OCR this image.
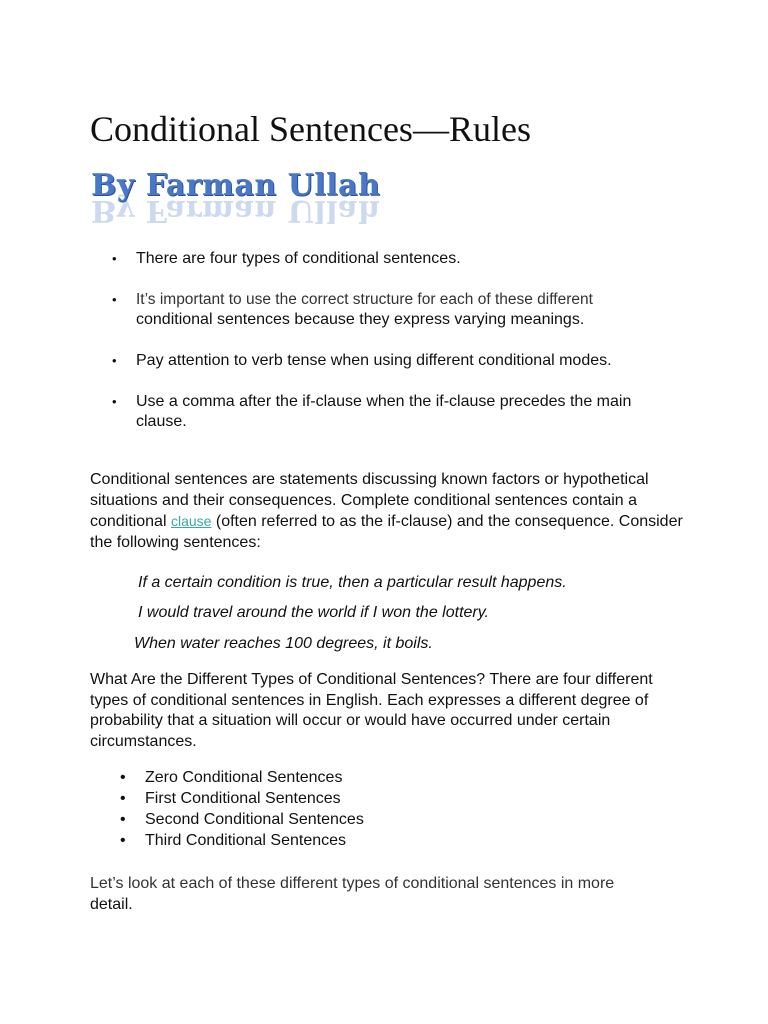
Conditional Sentences—Rules
By Farman Ullah
By Farman Ullah
• There are four types of conditional sentences.
• It’s important to use the correct structure for each of these different
conditional sentences because they express varying meanings.
• Pay attention to verb tense when using different conditional modes.
• Use a comma after the if-clause when the if-clause precedes the main
clause.

Conditional sentences are statements discussing known factors or hypothetical situations and their consequences. Complete conditional sentences contain a conditional clause (often referred to as the if-clause) and the consequence. Consider the following sentences:

If a certain condition is true, then a particular result happens.

I would travel around the world if I won the lottery.

When water reaches 100 degrees, it boils.

What Are the Different Types of Conditional Sentences? There are four different types of conditional sentences in English. Each expresses a different degree of probability that a situation will occur or would have occurred under certain circumstances.

• Zero Conditional Sentences
• First Conditional Sentences
• Second Conditional Sentences
• Third Conditional Sentences

Let’s look at each of these different types of conditional sentences in more
detail.
